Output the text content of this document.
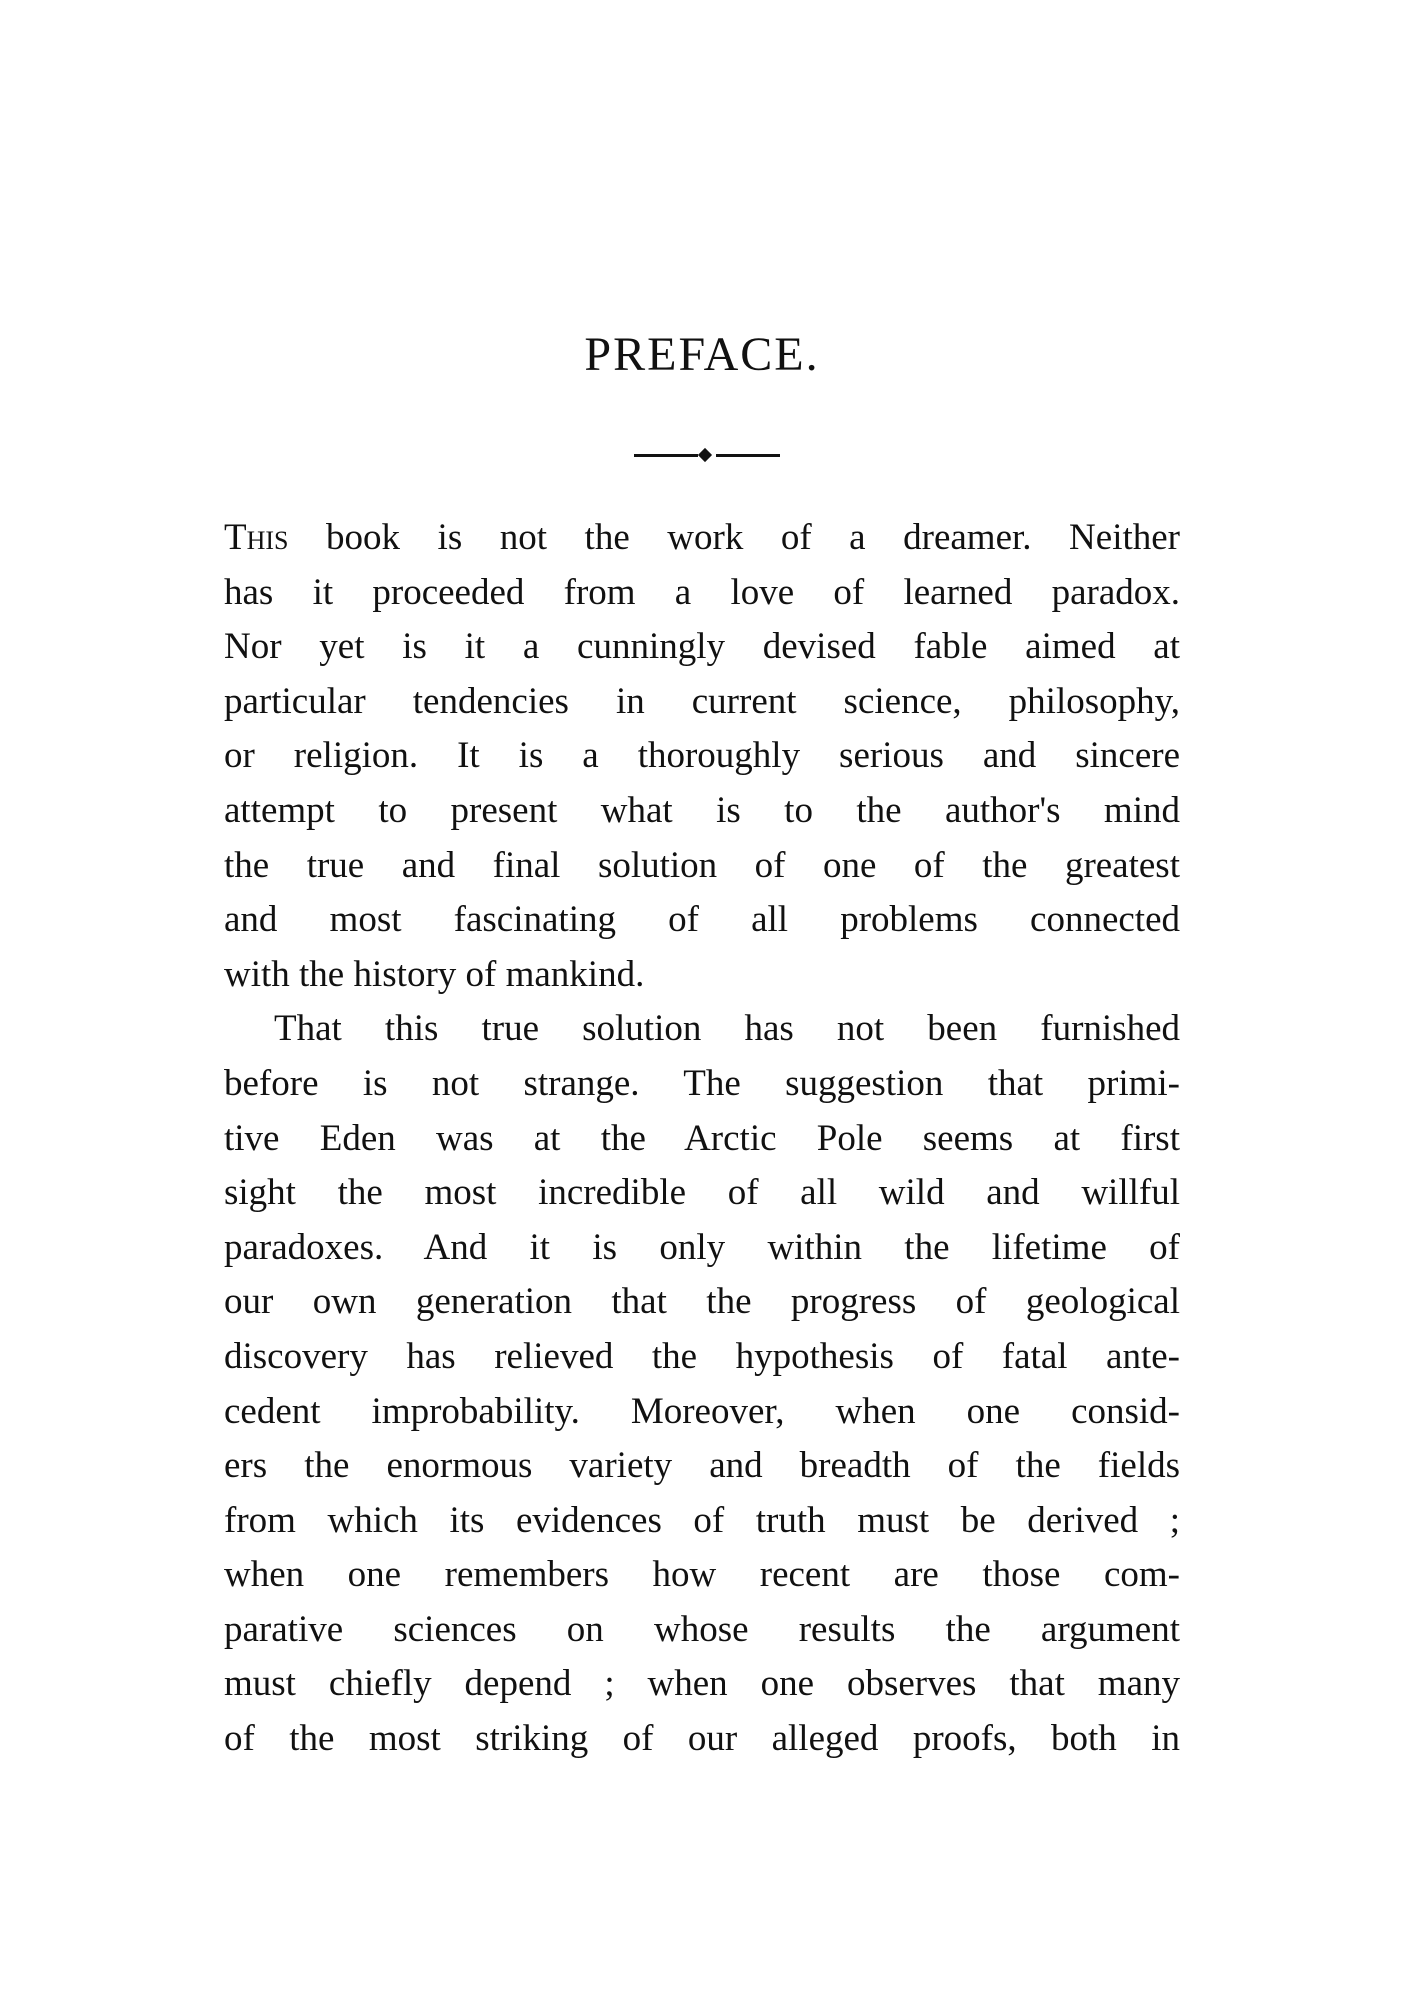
PREFACE.
This book is not the work of a dreamer. Neither
has it proceeded from a love of learned paradox.
Nor yet is it a cunningly devised fable aimed at
particular tendencies in current science, philosophy,
or religion. It is a thoroughly serious and sincere
attempt to present what is to the author's mind
the true and final solution of one of the greatest
and most fascinating of all problems connected
with the history of mankind.
That this true solution has not been furnished
before is not strange. The suggestion that primi-
tive Eden was at the Arctic Pole seems at first
sight the most incredible of all wild and willful
paradoxes. And it is only within the lifetime of
our own generation that the progress of geological
discovery has relieved the hypothesis of fatal ante-
cedent improbability. Moreover, when one consid-
ers the enormous variety and breadth of the fields
from which its evidences of truth must be derived ;
when one remembers how recent are those com-
parative sciences on whose results the argument
must chiefly depend ; when one observes that many
of the most striking of our alleged proofs, both in
